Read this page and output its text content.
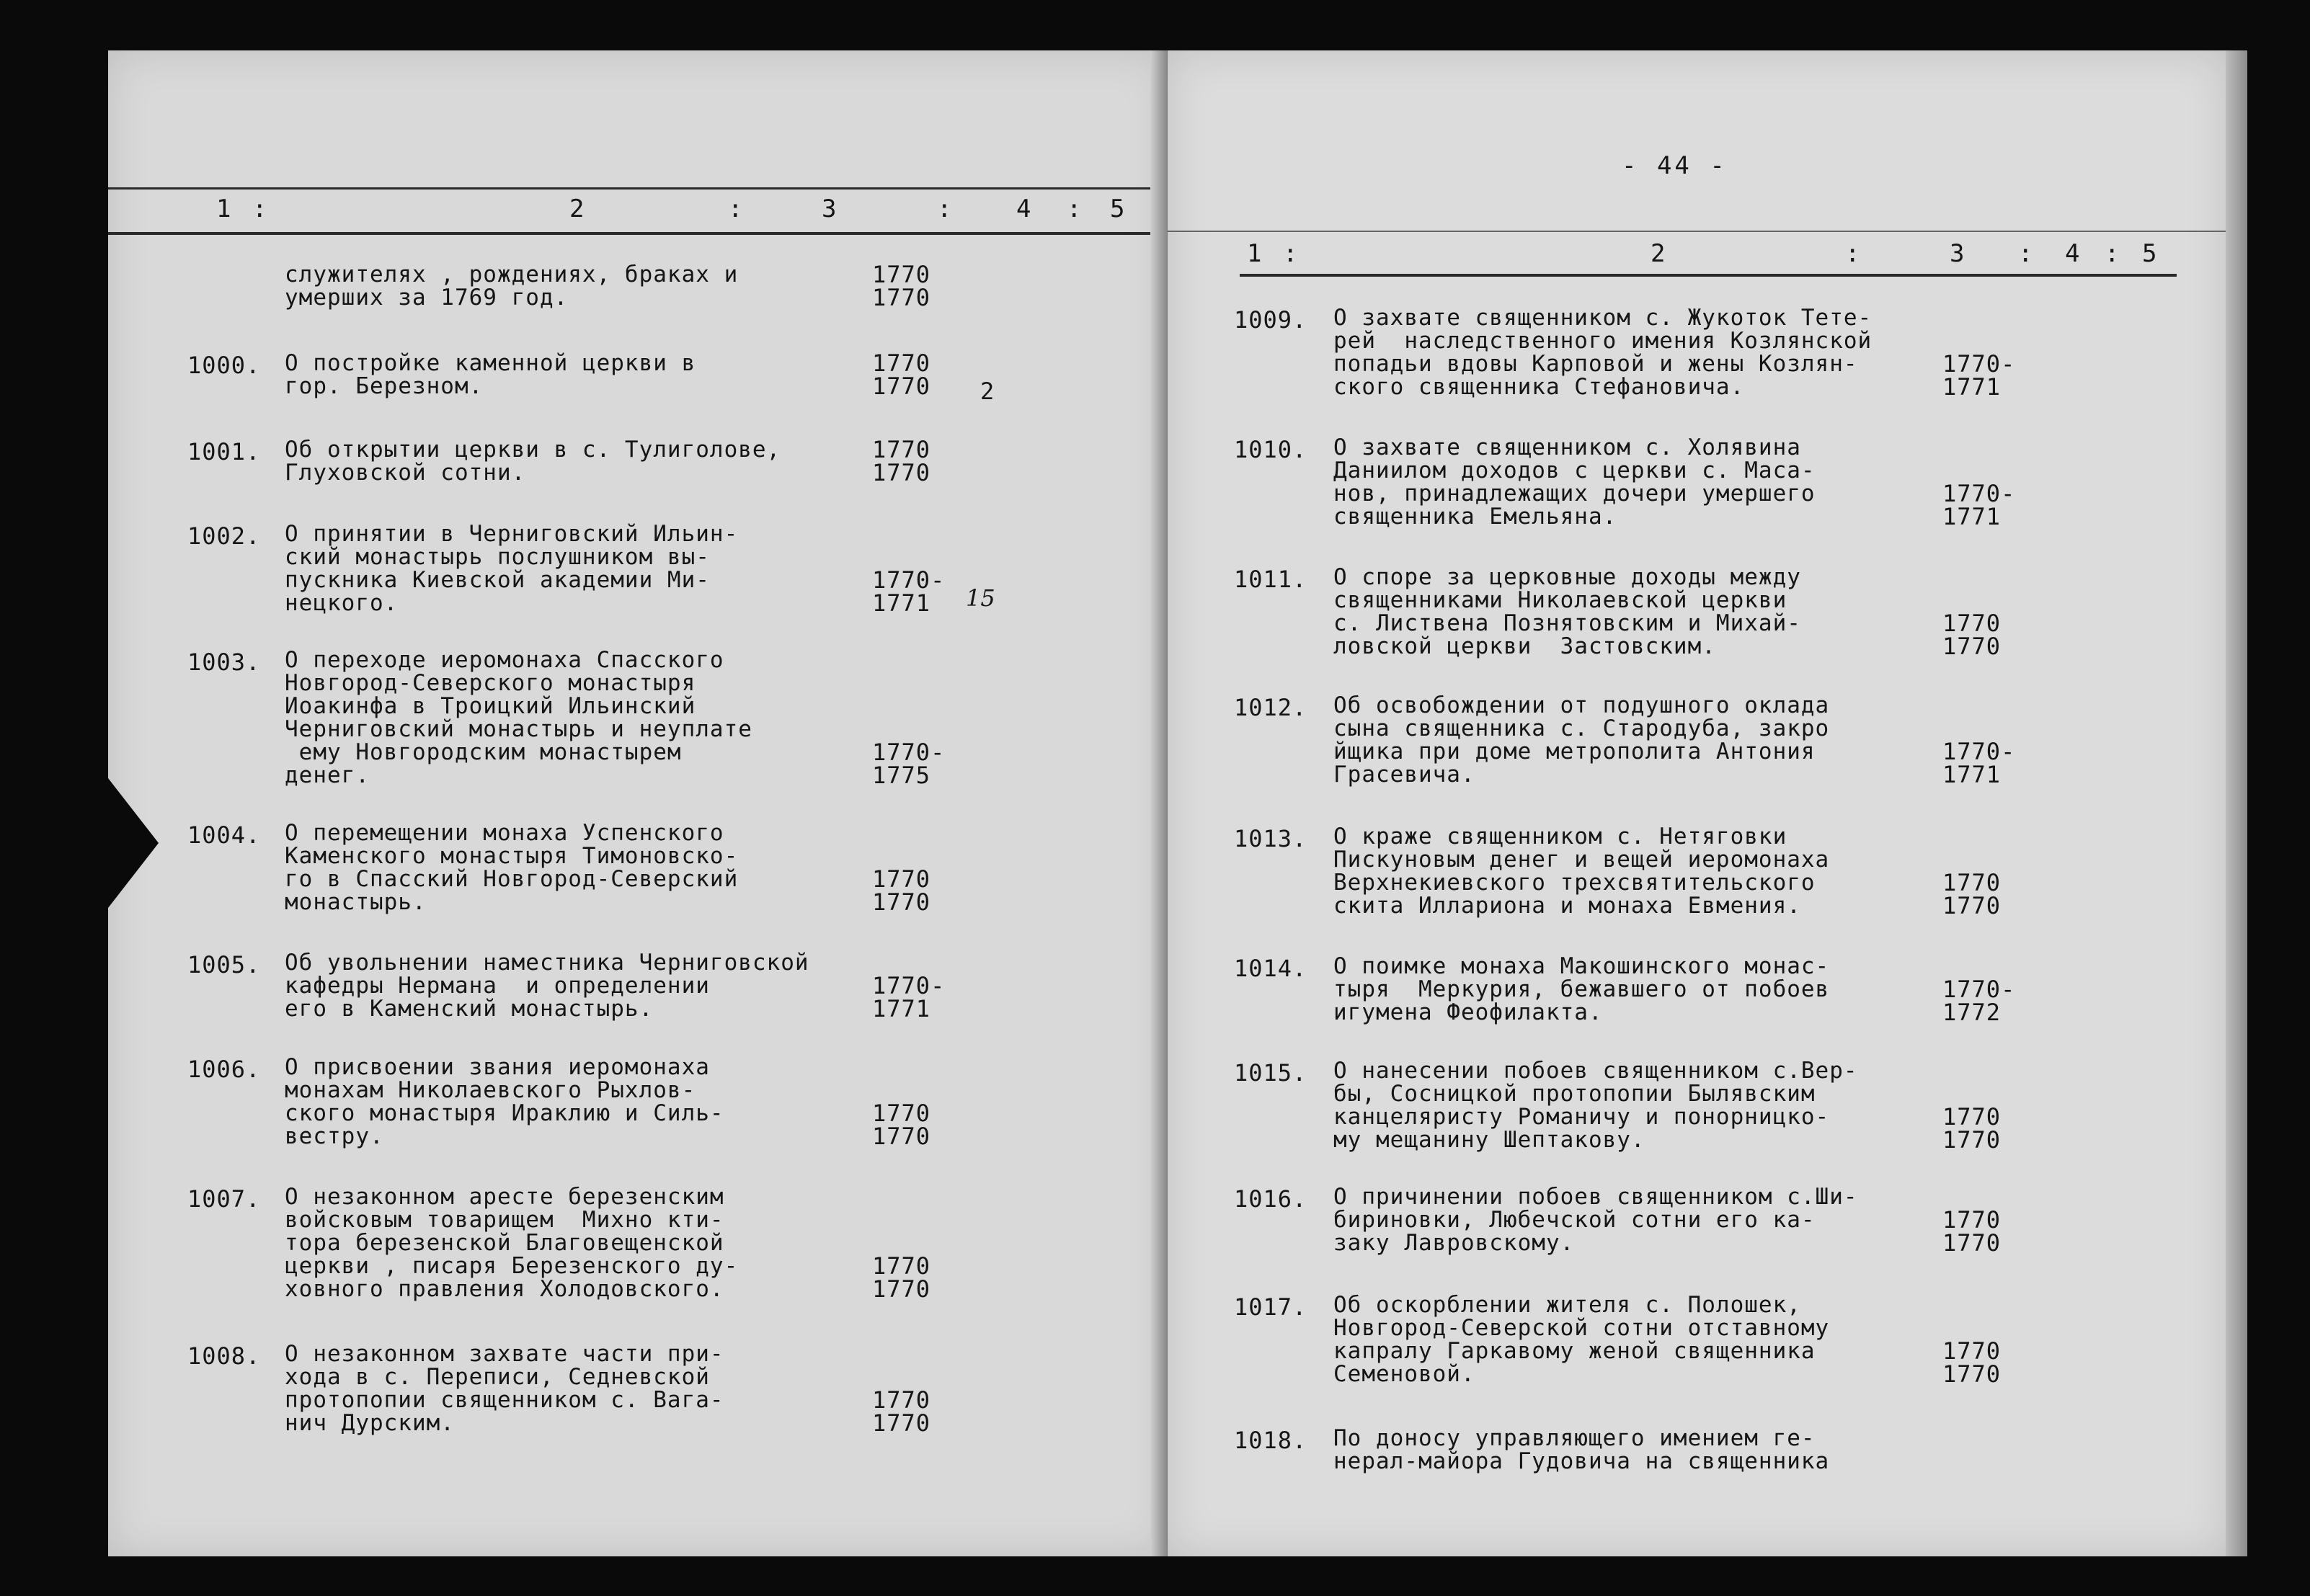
1 :	2	:	3	:	4 : 5
служителях , рождениях, браках и
умерших за 1769 год.
1770
1770
1000. О постройке каменной церкви в
гор. Березном.
1770
1770 2
1001. Об открытии церкви в с. Тулиголове,
Глуховской сотни.
1770
1770
1002. О принятии в Черниговский Ильин-
ский монастырь послушником вы-
пускника Киевской академии Ми-
нецкого.
1770-
1771	15
1003. О переходе иеромонаха Спасского
Новгород-Северского монастыря
Иоакинфа в Троицкий Ильинский
Черниговский монастырь и неуплате
ему Новгородским монастырем
денег.
1770-
1775
1004. О перемещении монаха Успенского
Каменского монастыря Тимоновско-
го в Спасский Новгород-Северский
монастырь.
1770
1770
1005. Об увольнении наместника Черниговской
кафедры Нермана  и определении
его в Каменский монастырь.
1770-
1771
1006. О присвоении звания иеромонаха
монахам Николаевского Рыхлов-
ского монастыря Ираклию и Силь-
вестру.
1770
1770
1007. О незаконном аресте березенским
войсковым товарищем  Михно кти-
тора березенской Благовещенской
церкви , писаря Березенского ду-
ховного правления Холодовского.
1770
1770
1008. О незаконном захвате части при-
хода в с. Переписи, Седневской
протопопии священником с. Вага-
нич Дурским.
1770
1770
- 44 -
1 :	2	:	3 : 4 : 5
1009. О захвате священником с. Жукоток Тете-
рей  наследственного имения Козлянской
попадьи вдовы Карповой и жены Козлян-
ского священника Стефановича.
1770-
1771
1010. О захвате священником с. Холявина
Даниилом доходов с церкви с. Маса-
нов, принадлежащих дочери умершего
священника Емельяна.
1770-
1771
1011. О споре за церковные доходы между
священниками Николаевской церкви
с. Листвена Познятовским и Михай-
ловской церкви  Застовским.
1770
1770
1012. Об освобождении от подушного оклада
сына священника с. Стародуба, закро
йщика при доме метрополита Антония
Грасевича.
1770-
1771
1013. О краже священником с. Нетяговки
Пискуновым денег и вещей иеромонаха
Верхнекиевского трехсвятительского
скита Иллариона и монаха Евмения.
1770
1770
1014. О поимке монаха Макошинского монас-
тыря  Меркурия, бежавшего от побоев
игумена Феофилакта.
1770-
1772
1015. О нанесении побоев священником с.Вер-
бы, Сосницкой протопопии Былявским
канцеляристу Романичу и понорницко-
му мещанину Шептакову.
1770
1770
1016. О причинении побоев священником с.Ши-
бириновки, Любечской сотни его ка-
заку Лавровскому.
1770
1770
1017. Об оскорблении жителя с. Полошек,
Новгород-Северской сотни отставному
капралу Гаркавому женой священника
Семеновой.
1770
1770
1018. По доносу управляющего имением ге-
нерал-майора Гудовича на священника
